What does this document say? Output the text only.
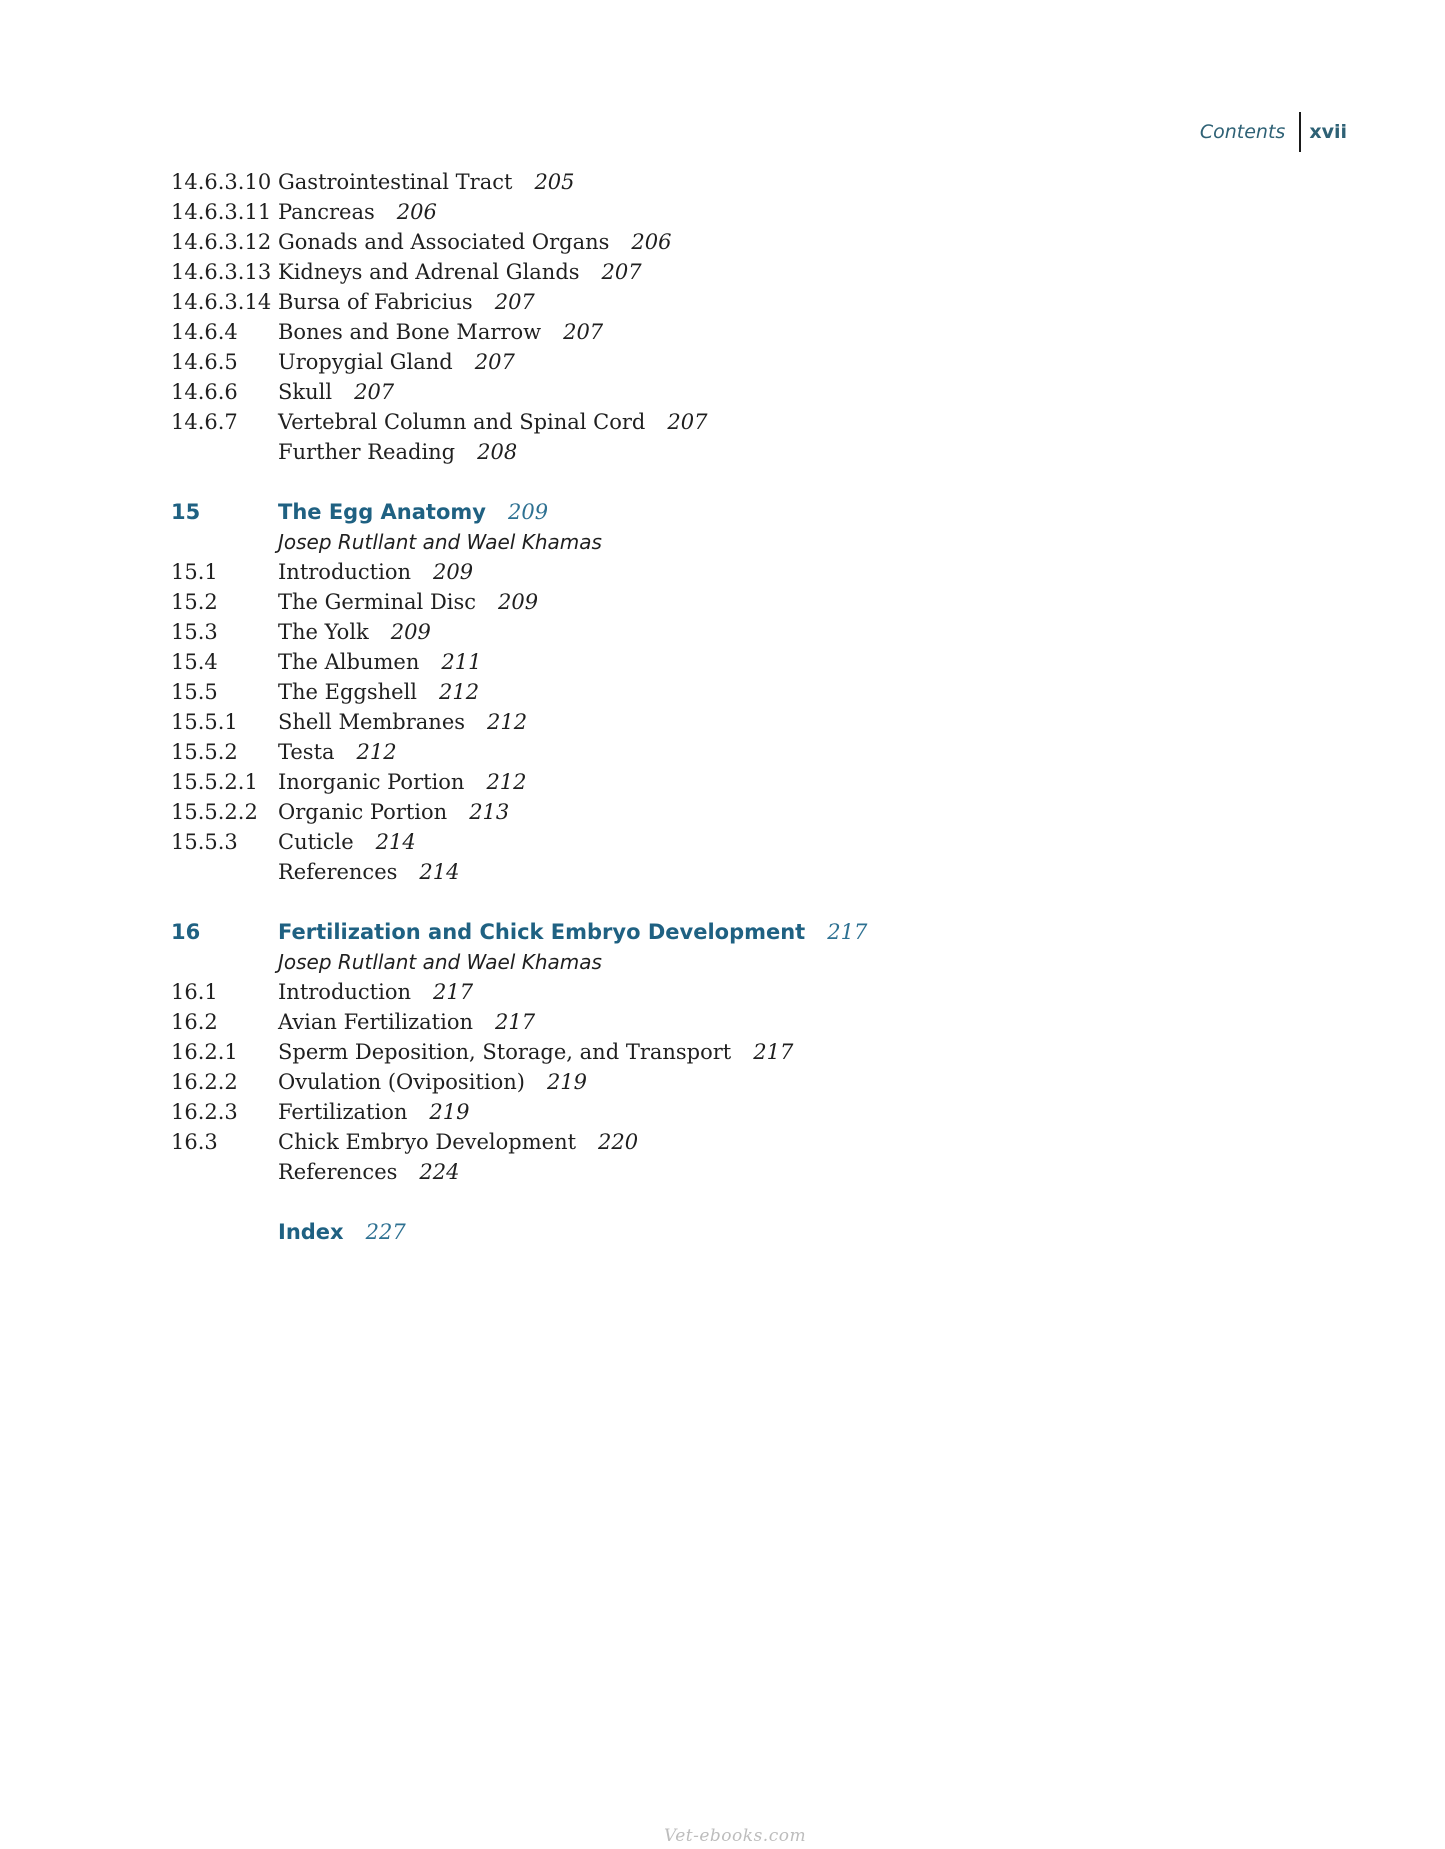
Contents	xvii
14.6.3.10 Gastrointestinal Tract	205
14.6.3.11 Pancreas	206
14.6.3.12 Gonads and Associated Organs	206
14.6.3.13 Kidneys and Adrenal Glands	207
14.6.3.14 Bursa of Fabricius	207
14.6.4	Bones and Bone Marrow	207
14.6.5	Uropygial Gland	207
14.6.6	Skull	207
14.6.7	Vertebral Column and Spinal Cord	207
Further Reading	208
15	The Egg Anatomy	209
Josep Rutllant and Wael Khamas
15.1	Introduction	209
15.2	The Germinal Disc	209
15.3	The Yolk	209
15.4	The Albumen	211
15.5	The Eggshell	212
15.5.1	Shell Membranes	212
15.5.2	Testa	212
15.5.2.1 Inorganic Portion	212
15.5.2.2 Organic Portion	213
15.5.3	Cuticle	214
References	214
16	Fertilization and Chick Embryo Development	217
Josep Rutllant and Wael Khamas
16.1	Introduction	217
16.2	Avian Fertilization	217
16.2.1	Sperm Deposition, Storage, and Transport	217
16.2.2	Ovulation (Oviposition)	219
16.2.3	Fertilization	219
16.3	Chick Embryo Development	220
References	224
Index	227
Vet-ebooks.com
